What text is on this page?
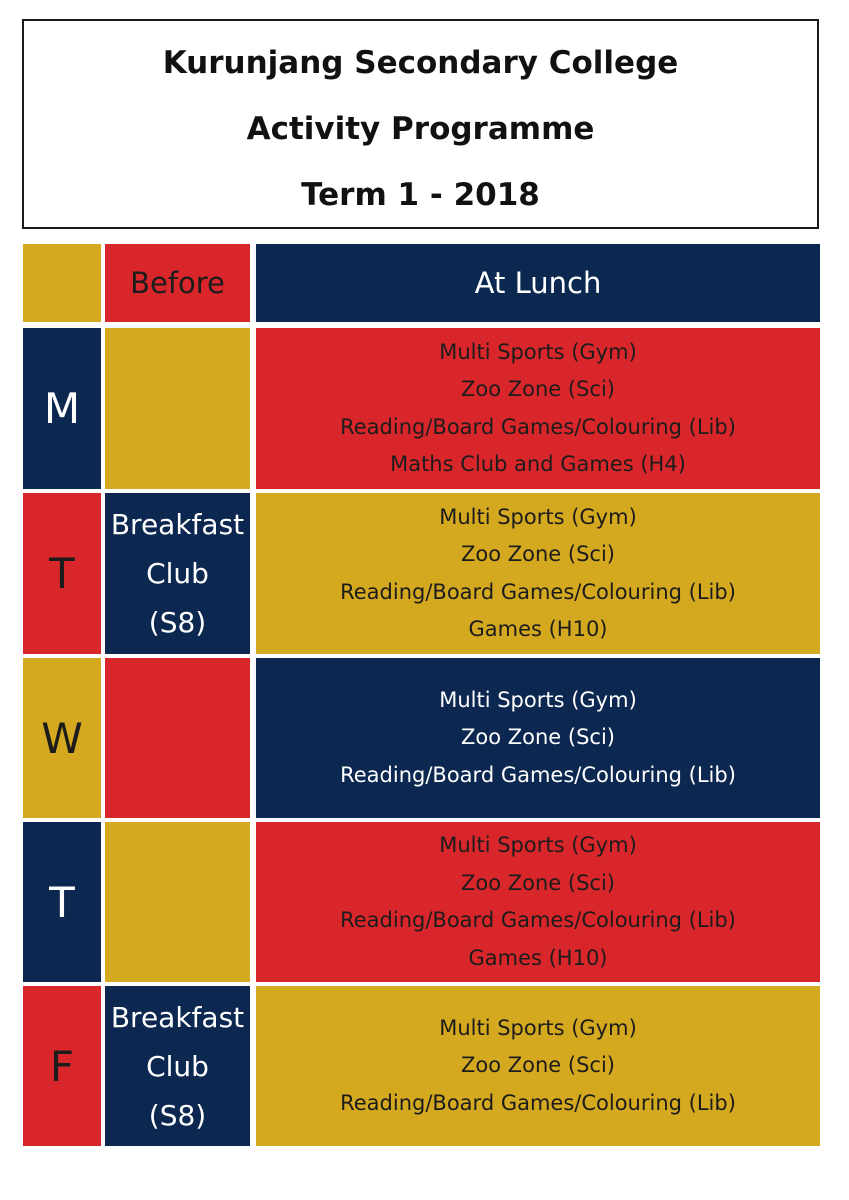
Kurunjang Secondary College
Activity Programme
Term 1 - 2018
Before	At Lunch
M
Multi Sports (Gym)
Zoo Zone (Sci)
Reading/Board Games/Colouring (Lib)
Maths Club and Games (H4)
T
Breakfast
Club
(S8)
Multi Sports (Gym)
Zoo Zone (Sci)
Reading/Board Games/Colouring (Lib)
Games (H10)
W
Multi Sports (Gym)
Zoo Zone (Sci)
Reading/Board Games/Colouring (Lib)
T
Multi Sports (Gym)
Zoo Zone (Sci)
Reading/Board Games/Colouring (Lib)
Games (H10)
F
Breakfast
Club
(S8)
Multi Sports (Gym)
Zoo Zone (Sci)
Reading/Board Games/Colouring (Lib)
